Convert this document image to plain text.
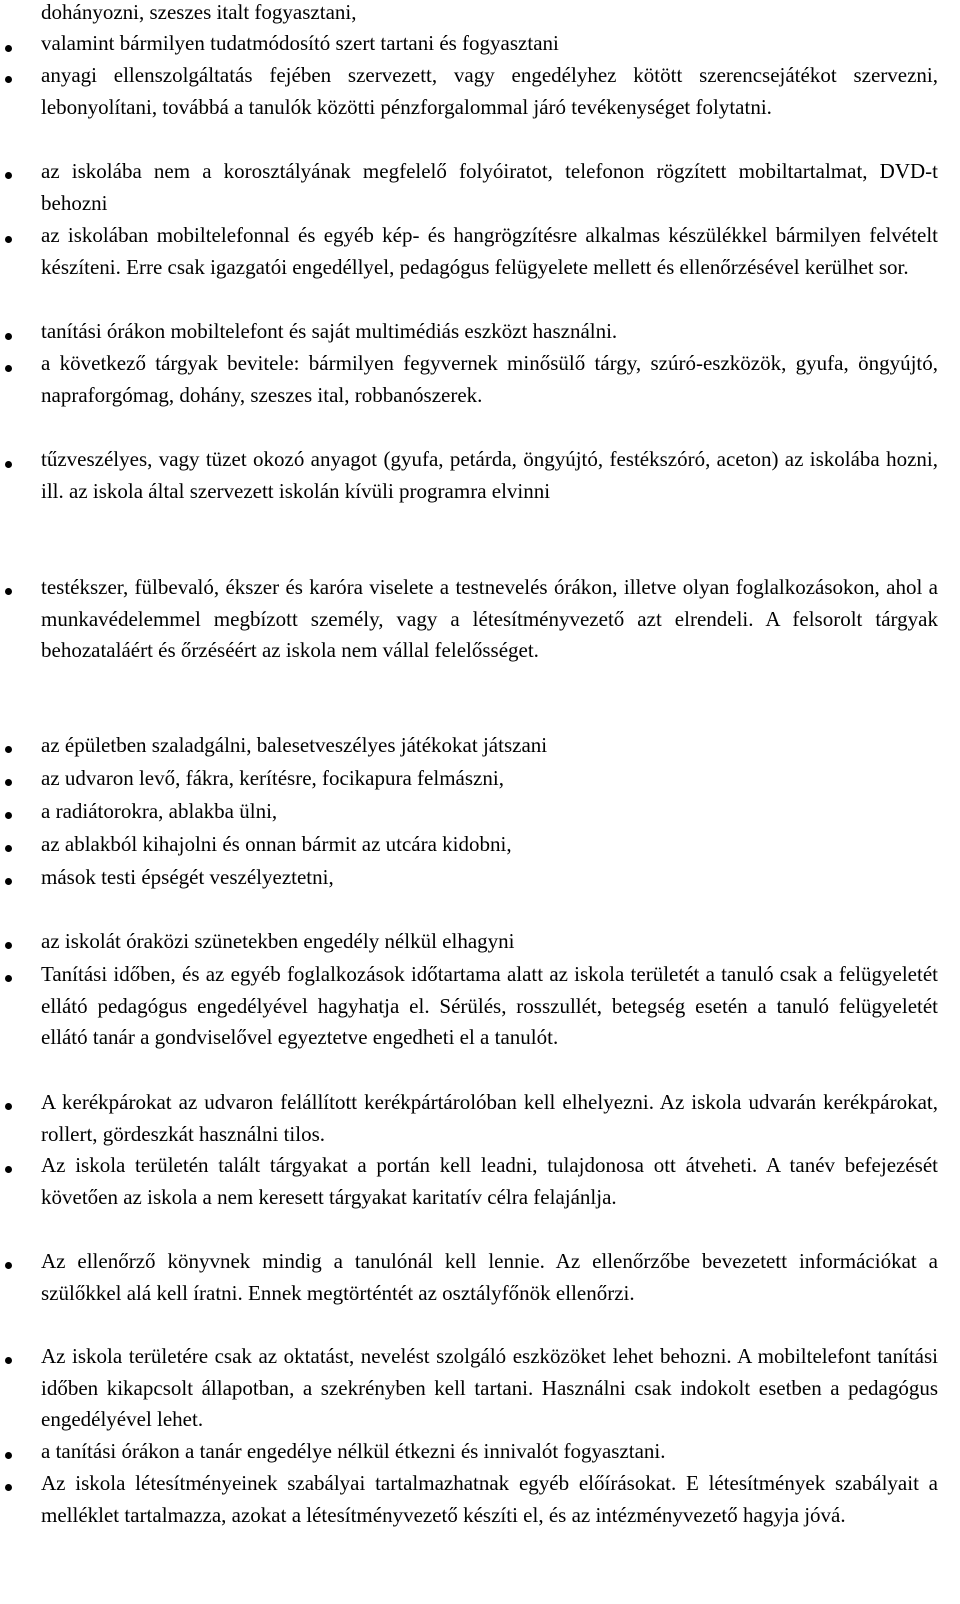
dohányozni, szeszes italt fogyasztani,
valamint bármilyen tudatmódosító szert tartani és fogyasztani
anyagi ellenszolgáltatás fejében szervezett, vagy engedélyhez kötött szerencsejátékot szervezni, lebonyolítani, továbbá a tanulók közötti pénzforgalommal járó tevékenységet folytatni.
az iskolába nem a korosztályának megfelelő folyóiratot, telefonon rögzített mobiltartalmat, DVD-t behozni
az iskolában mobiltelefonnal és egyéb kép- és hangrögzítésre alkalmas készülékkel bármilyen felvételt készíteni. Erre csak igazgatói engedéllyel, pedagógus felügyelete mellett és ellenőrzésével kerülhet sor.
tanítási órákon mobiltelefont és saját multimédiás eszközt használni.
a következő tárgyak bevitele: bármilyen fegyvernek minősülő tárgy, szúró-eszközök, gyufa, öngyújtó, napraforgómag, dohány, szeszes ital, robbanószerek.
tűzveszélyes, vagy tüzet okozó anyagot (gyufa, petárda, öngyújtó, festékszóró, aceton) az iskolába hozni, ill. az iskola által szervezett iskolán kívüli programra elvinni
testékszer, fülbevaló, ékszer és karóra viselete a testnevelés órákon, illetve olyan foglalkozásokon, ahol a munkavédelemmel megbízott személy, vagy a létesítményvezető azt elrendeli. A felsorolt tárgyak behozataláért és őrzéséért az iskola nem vállal felelősséget.
az épületben szaladgálni, balesetveszélyes játékokat játszani
az udvaron levő, fákra, kerítésre, focikapura felmászni,
a radiátorokra, ablakba ülni,
az ablakból kihajolni és onnan bármit az utcára kidobni,
mások testi épségét veszélyeztetni,
az iskolát óraközi szünetekben engedély nélkül elhagyni
Tanítási időben, és az egyéb foglalkozások időtartama alatt az iskola területét a tanuló csak a felügyeletét ellátó pedagógus engedélyével hagyhatja el. Sérülés, rosszullét, betegség esetén a tanuló felügyeletét ellátó tanár a gondviselővel egyeztetve engedheti el a tanulót.
A kerékpárokat az udvaron felállított kerékpártárolóban kell elhelyezni. Az iskola udvarán kerékpárokat, rollert, gördeszkát használni tilos.
Az iskola területén talált tárgyakat a portán kell leadni, tulajdonosa ott átveheti. A tanév befejezését követően az iskola a nem keresett tárgyakat karitatív célra felajánlja.
Az ellenőrző könyvnek mindig a tanulónál kell lennie. Az ellenőrzőbe bevezetett információkat a szülőkkel alá kell íratni. Ennek megtörténtét az osztályfőnök ellenőrzi.
Az iskola területére csak az oktatást, nevelést szolgáló eszközöket lehet behozni. A mobiltelefont tanítási időben kikapcsolt állapotban, a szekrényben kell tartani. Használni csak indokolt esetben a pedagógus engedélyével lehet.
a tanítási órákon a tanár engedélye nélkül étkezni és innivalót fogyasztani.
Az iskola létesítményeinek szabályai tartalmazhatnak egyéb előírásokat. E létesítmények szabályait a melléklet tartalmazza, azokat a létesítményvezető készíti el, és az intézményvezető hagyja jóvá.
